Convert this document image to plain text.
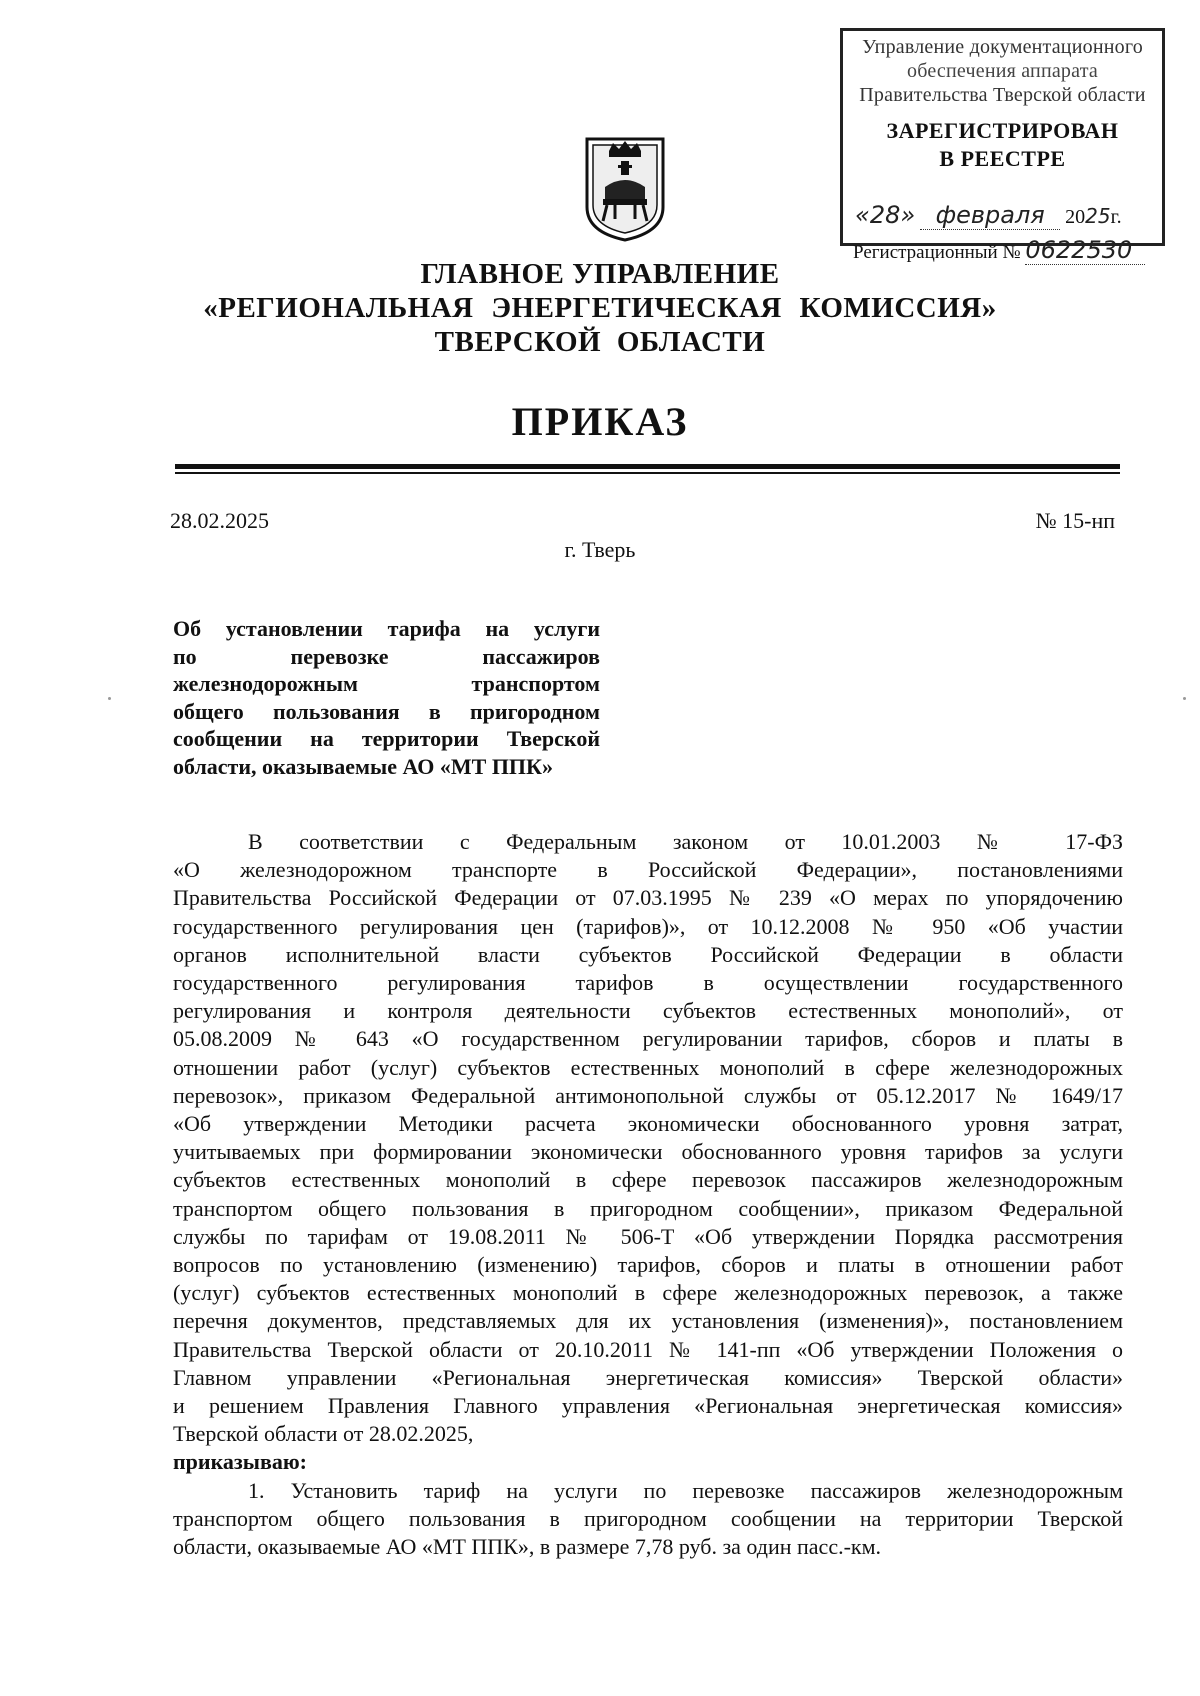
Управление документационного
обеспечения аппарата
Правительства Тверской области
ЗАРЕГИСТРИРОВАН
В РЕЕСТРЕ
«28» февраля 2025г.
Регистрационный № 0622530
ГЛАВНОЕ УПРАВЛЕНИЕ
«РЕГИОНАЛЬНАЯ ЭНЕРГЕТИЧЕСКАЯ КОМИССИЯ»
ТВЕРСКОЙ ОБЛАСТИ
ПРИКАЗ
28.02.2025	№ 15-нп
г. Тверь
Об установлении тарифа на услуги
по перевозке пассажиров
железнодорожным транспортом
общего пользования в пригородном
сообщении на территории Тверской
области, оказываемые АО «МТ ППК»
В соответствии с Федеральным законом от 10.01.2003 № 17-ФЗ
«О железнодорожном транспорте в Российской Федерации», постановлениями
Правительства Российской Федерации от 07.03.1995 № 239 «О мерах по упорядочению
государственного регулирования цен (тарифов)», от 10.12.2008 № 950 «Об участии
органов исполнительной власти субъектов Российской Федерации в области
государственного регулирования тарифов в осуществлении государственного
регулирования и контроля деятельности субъектов естественных монополий», от
05.08.2009 № 643 «О государственном регулировании тарифов, сборов и платы в
отношении работ (услуг) субъектов естественных монополий в сфере железнодорожных
перевозок», приказом Федеральной антимонопольной службы от 05.12.2017 № 1649/17
«Об утверждении Методики расчета экономически обоснованного уровня затрат,
учитываемых при формировании экономически обоснованного уровня тарифов за услуги
субъектов естественных монополий в сфере перевозок пассажиров железнодорожным
транспортом общего пользования в пригородном сообщении», приказом Федеральной
службы по тарифам от 19.08.2011 № 506-Т «Об утверждении Порядка рассмотрения
вопросов по установлению (изменению) тарифов, сборов и платы в отношении работ
(услуг) субъектов естественных монополий в сфере железнодорожных перевозок, а также
перечня документов, представляемых для их установления (изменения)», постановлением
Правительства Тверской области от 20.10.2011 № 141-пп «Об утверждении Положения о
Главном управлении «Региональная энергетическая комиссия» Тверской области»
и решением Правления Главного управления «Региональная энергетическая комиссия»
Тверской области от 28.02.2025,
приказываю:
1. Установить тариф на услуги по перевозке пассажиров железнодорожным
транспортом общего пользования в пригородном сообщении на территории Тверской
области, оказываемые АО «МТ ППК», в размере 7,78 руб. за один пасс.-км.
